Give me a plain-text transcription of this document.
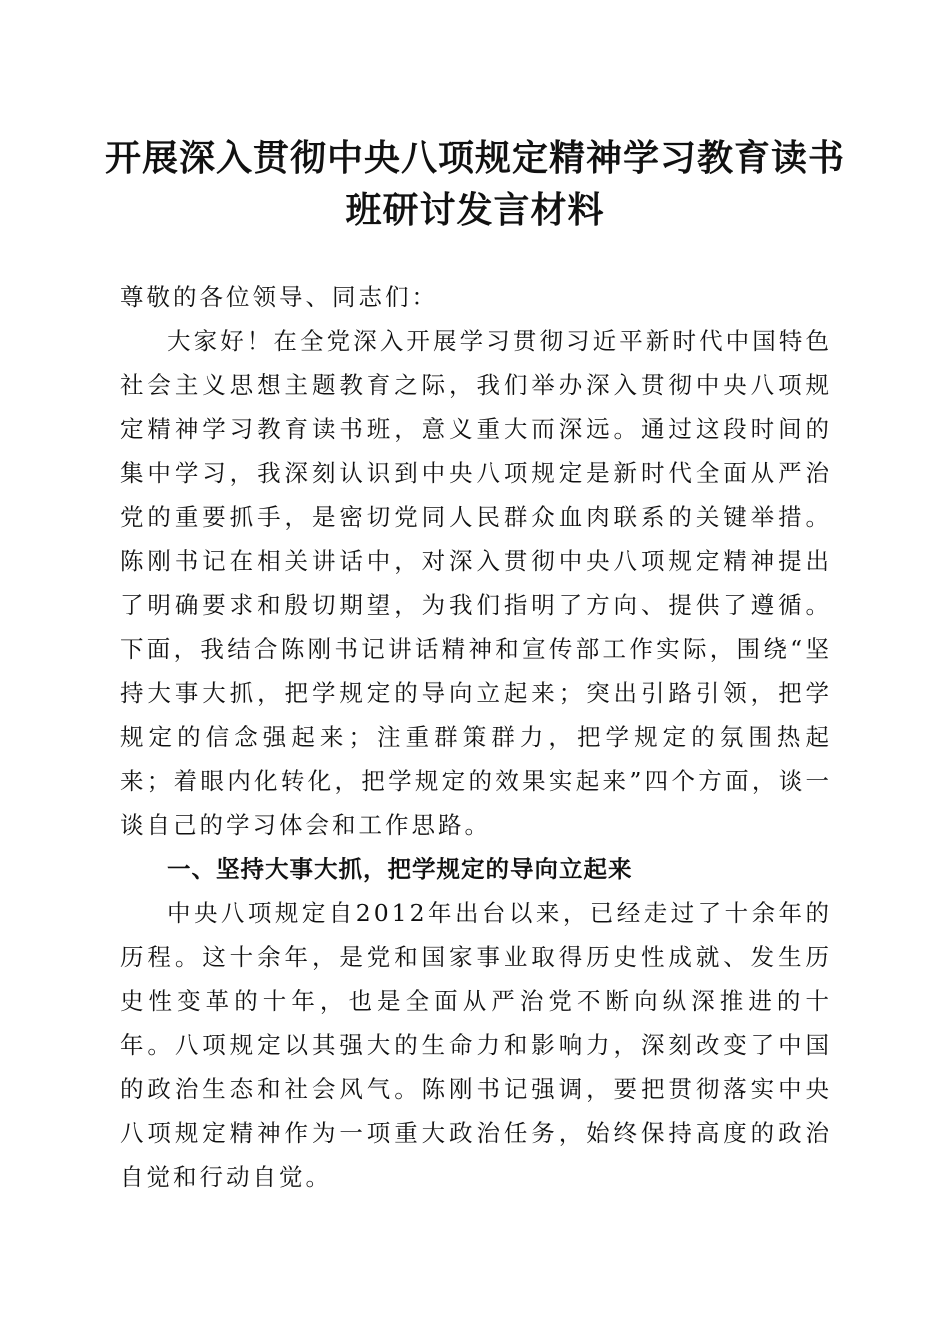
开展深入贯彻中央八项规定精神学习教育读书
班研讨发言材料

尊敬的各位领导、同志们：

大家好！在全党深入开展学习贯彻习近平新时代中国特色社会主义思想主题教育之际，我们举办深入贯彻中央八项规定精神学习教育读书班，意义重大而深远。通过这段时间的集中学习，我深刻认识到中央八项规定是新时代全面从严治党的重要抓手，是密切党同人民群众血肉联系的关键举措。陈刚书记在相关讲话中，对深入贯彻中央八项规定精神提出了明确要求和殷切期望，为我们指明了方向、提供了遵循。下面，我结合陈刚书记讲话精神和宣传部工作实际，围绕“坚持大事大抓，把学规定的导向立起来；突出引路引领，把学规定的信念强起来；注重群策群力，把学规定的氛围热起来；着眼内化转化，把学规定的效果实起来”四个方面，谈一谈自己的学习体会和工作思路。

一、坚持大事大抓，把学规定的导向立起来

中央八项规定自2012年出台以来，已经走过了十余年的历程。这十余年，是党和国家事业取得历史性成就、发生历史性变革的十年，也是全面从严治党不断向纵深推进的十年。八项规定以其强大的生命力和影响力，深刻改变了中国的政治生态和社会风气。陈刚书记强调，要把贯彻落实中央八项规定精神作为一项重大政治任务，始终保持高度的政治自觉和行动自觉。
